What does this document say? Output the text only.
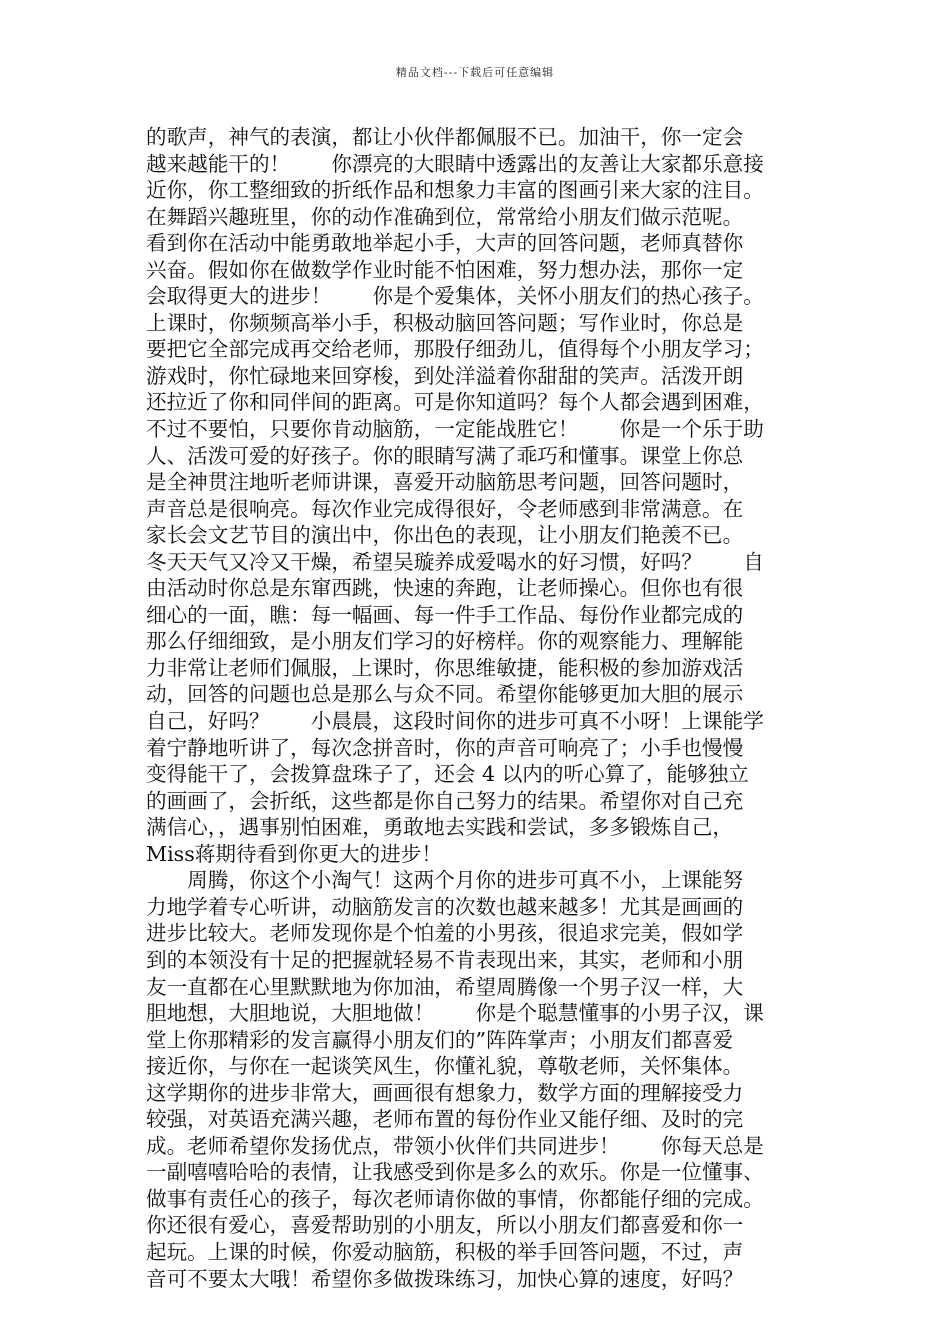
精品文档---下载后可任意编辑
的歌声，神气的表演，都让小伙伴都佩服不已。加油干，你一定会
越来越能干的！　　你漂亮的大眼睛中透露出的友善让大家都乐意接
近你，你工整细致的折纸作品和想象力丰富的图画引来大家的注目。
在舞蹈兴趣班里，你的动作准确到位，常常给小朋友们做示范呢。
看到你在活动中能勇敢地举起小手，大声的回答问题，老师真替你
兴奋。假如你在做数学作业时能不怕困难，努力想办法，那你一定
会取得更大的进步！　　你是个爱集体，关怀小朋友们的热心孩子。
上课时，你频频高举小手，积极动脑回答问题；写作业时，你总是
要把它全部完成再交给老师，那股仔细劲儿，值得每个小朋友学习；
游戏时，你忙碌地来回穿梭，到处洋溢着你甜甜的笑声。活泼开朗
还拉近了你和同伴间的距离。可是你知道吗？每个人都会遇到困难，
不过不要怕，只要你肯动脑筋，一定能战胜它！　　你是一个乐于助
人、活泼可爱的好孩子。你的眼睛写满了乖巧和懂事。课堂上你总
是全神贯注地听老师讲课，喜爱开动脑筋思考问题，回答问题时，
声音总是很响亮。每次作业完成得很好，令老师感到非常满意。在
家长会文艺节目的演出中，你出色的表现，让小朋友们艳羡不已。
冬天天气又冷又干燥，希望吴璇养成爱喝水的好习惯，好吗？　　自
由活动时你总是东窜西跳，快速的奔跑，让老师操心。但你也有很
细心的一面，瞧：每一幅画、每一件手工作品、每份作业都完成的
那么仔细细致，是小朋友们学习的好榜样。你的观察能力、理解能
力非常让老师们佩服，上课时，你思维敏捷，能积极的参加游戏活
动，回答的问题也总是那么与众不同。希望你能够更加大胆的展示
自己，好吗？　　小晨晨，这段时间你的进步可真不小呀！上课能学
着宁静地听讲了，每次念拼音时，你的声音可响亮了；小手也慢慢
变得能干了，会拨算盘珠子了，还会 4 以内的听心算了，能够独立
的画画了，会折纸，这些都是你自己努力的结果。希望你对自己充
满信心，，遇事别怕困难，勇敢地去实践和尝试，多多锻炼自己，
Miss蒋期待看到你更大的进步！
　　周腾，你这个小淘气！这两个月你的进步可真不小，上课能努
力地学着专心听讲，动脑筋发言的次数也越来越多！尤其是画画的
进步比较大。老师发现你是个怕羞的小男孩，很追求完美，假如学
到的本领没有十足的把握就轻易不肯表现出来，其实，老师和小朋
友一直都在心里默默地为你加油，希望周腾像一个男子汉一样，大
胆地想，大胆地说，大胆地做！　　你是个聪慧懂事的小男子汉，课
堂上你那精彩的发言赢得小朋友们的”阵阵掌声；小朋友们都喜爱
接近你，与你在一起谈笑风生，你懂礼貌，尊敬老师，关怀集体。
这学期你的进步非常大，画画很有想象力，数学方面的理解接受力
较强，对英语充满兴趣，老师布置的每份作业又能仔细、及时的完
成。老师希望你发扬优点，带领小伙伴们共同进步！　　你每天总是
一副嘻嘻哈哈的表情，让我感受到你是多么的欢乐。你是一位懂事、
做事有责任心的孩子，每次老师请你做的事情，你都能仔细的完成。
你还很有爱心，喜爱帮助别的小朋友，所以小朋友们都喜爱和你一
起玩。上课的时候，你爱动脑筋，积极的举手回答问题，不过，声
音可不要太大哦！希望你多做拨珠练习，加快心算的速度，好吗？
